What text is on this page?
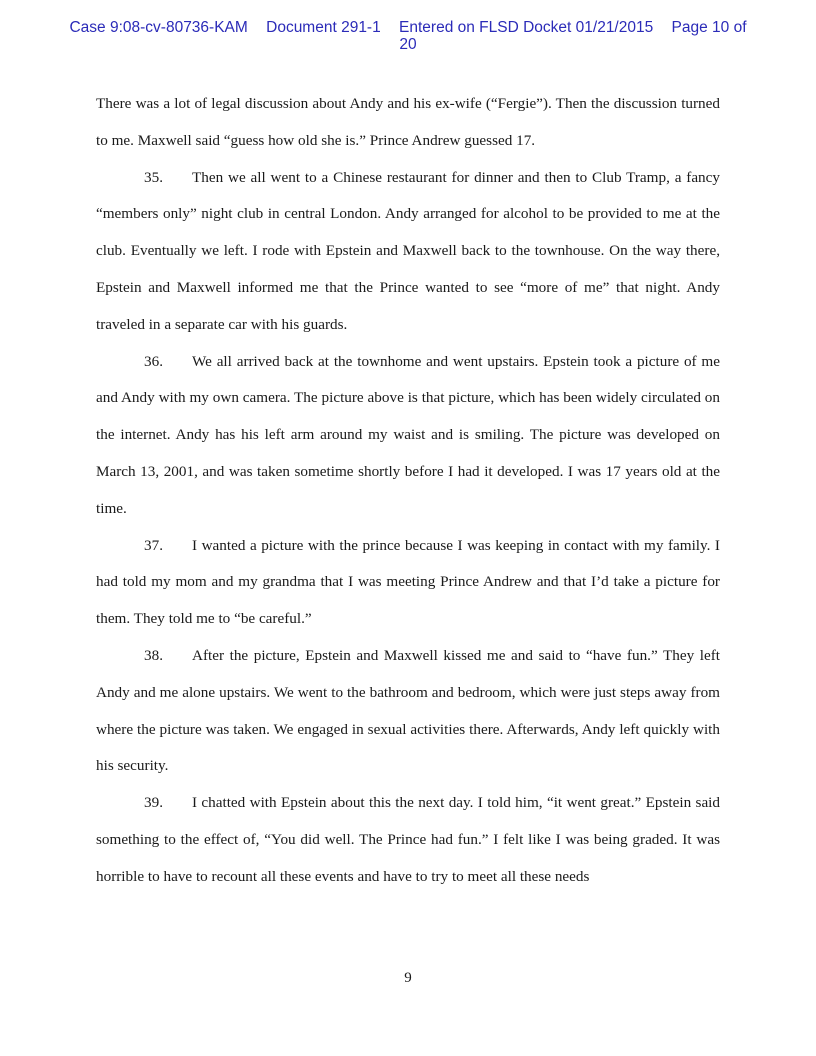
Case 9:08-cv-80736-KAM Document 291-1 Entered on FLSD Docket 01/21/2015 Page 10 of
20

There was a lot of legal discussion about Andy and his ex-wife (“Fergie”). Then the discussion turned to me. Maxwell said “guess how old she is.” Prince Andrew guessed 17.

35. Then we all went to a Chinese restaurant for dinner and then to Club Tramp, a fancy “members only” night club in central London. Andy arranged for alcohol to be provided to me at the club. Eventually we left. I rode with Epstein and Maxwell back to the townhouse. On the way there, Epstein and Maxwell informed me that the Prince wanted to see “more of me” that night. Andy traveled in a separate car with his guards.

36. We all arrived back at the townhome and went upstairs. Epstein took a picture of me and Andy with my own camera. The picture above is that picture, which has been widely circulated on the internet. Andy has his left arm around my waist and is smiling. The picture was developed on March 13, 2001, and was taken sometime shortly before I had it developed. I was 17 years old at the time.

37. I wanted a picture with the prince because I was keeping in contact with my family. I had told my mom and my grandma that I was meeting Prince Andrew and that I’d take a picture for them. They told me to “be careful.”

38. After the picture, Epstein and Maxwell kissed me and said to “have fun.” They left Andy and me alone upstairs. We went to the bathroom and bedroom, which were just steps away from where the picture was taken. We engaged in sexual activities there. Afterwards, Andy left quickly with his security.

39. I chatted with Epstein about this the next day. I told him, “it went great.” Epstein said something to the effect of, “You did well. The Prince had fun.” I felt like I was being graded. It was horrible to have to recount all these events and have to try to meet all these needs

9
